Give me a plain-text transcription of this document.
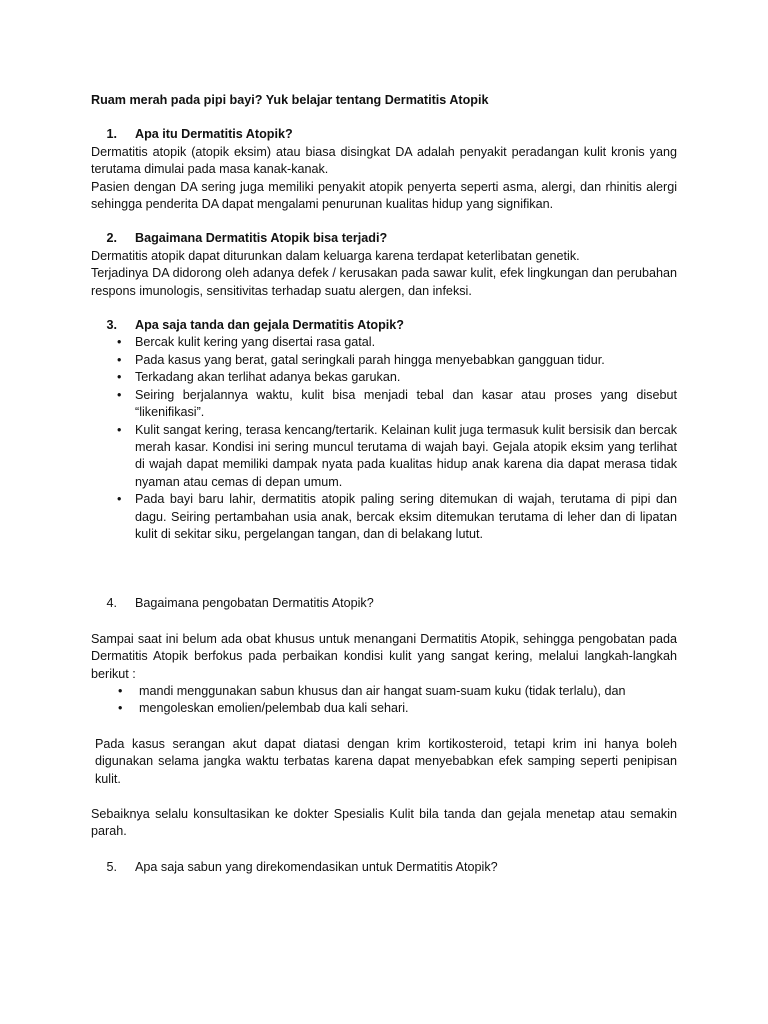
Ruam merah pada pipi bayi? Yuk belajar tentang Dermatitis Atopik

1.	Apa itu Dermatitis Atopik?

Dermatitis atopik (atopik eksim) atau biasa disingkat DA adalah penyakit peradangan kulit kronis yang terutama dimulai pada masa kanak-kanak.

Pasien dengan DA sering juga memiliki penyakit atopik penyerta seperti asma, alergi, dan rhinitis alergi sehingga penderita DA dapat mengalami penurunan kualitas hidup yang signifikan.

2.	Bagaimana Dermatitis Atopik bisa terjadi?

Dermatitis atopik dapat diturunkan dalam keluarga karena terdapat keterlibatan genetik.

Terjadinya DA didorong oleh adanya defek / kerusakan pada sawar kulit, efek lingkungan dan perubahan respons imunologis, sensitivitas terhadap suatu alergen, dan infeksi.

3.	Apa saja tanda dan gejala Dermatitis Atopik?
• Bercak kulit kering yang disertai rasa gatal.
• Pada kasus yang berat, gatal seringkali parah hingga menyebabkan gangguan tidur.
• Terkadang akan terlihat adanya bekas garukan.
• Seiring berjalannya waktu, kulit bisa menjadi tebal dan kasar atau proses yang disebut “likenifikasi”.
• Kulit sangat kering, terasa kencang/tertarik. Kelainan kulit juga termasuk kulit bersisik dan bercak merah kasar. Kondisi ini sering muncul terutama di wajah bayi. Gejala atopik eksim yang terlihat di wajah dapat memiliki dampak nyata pada kualitas hidup anak karena dia dapat merasa tidak nyaman atau cemas di depan umum.
• Pada bayi baru lahir, dermatitis atopik paling sering ditemukan di wajah, terutama di pipi dan dagu. Seiring pertambahan usia anak, bercak eksim ditemukan terutama di leher dan di lipatan kulit di sekitar siku, pergelangan tangan, dan di belakang lutut.
4.	Bagaimana pengobatan Dermatitis Atopik?

Sampai saat ini belum ada obat khusus untuk menangani Dermatitis Atopik, sehingga pengobatan pada Dermatitis Atopik berfokus pada perbaikan kondisi kulit yang sangat kering, melalui langkah-langkah berikut :

• mandi menggunakan sabun khusus dan air hangat suam-suam kuku (tidak terlalu), dan
• mengoleskan emolien/pelembab dua kali sehari.

Pada kasus serangan akut dapat diatasi dengan krim kortikosteroid, tetapi krim ini hanya boleh digunakan selama jangka waktu terbatas karena dapat menyebabkan efek samping seperti penipisan kulit.

Sebaiknya selalu konsultasikan ke dokter Spesialis Kulit bila tanda dan gejala menetap atau semakin parah.

5.	Apa saja sabun yang direkomendasikan untuk Dermatitis Atopik?
